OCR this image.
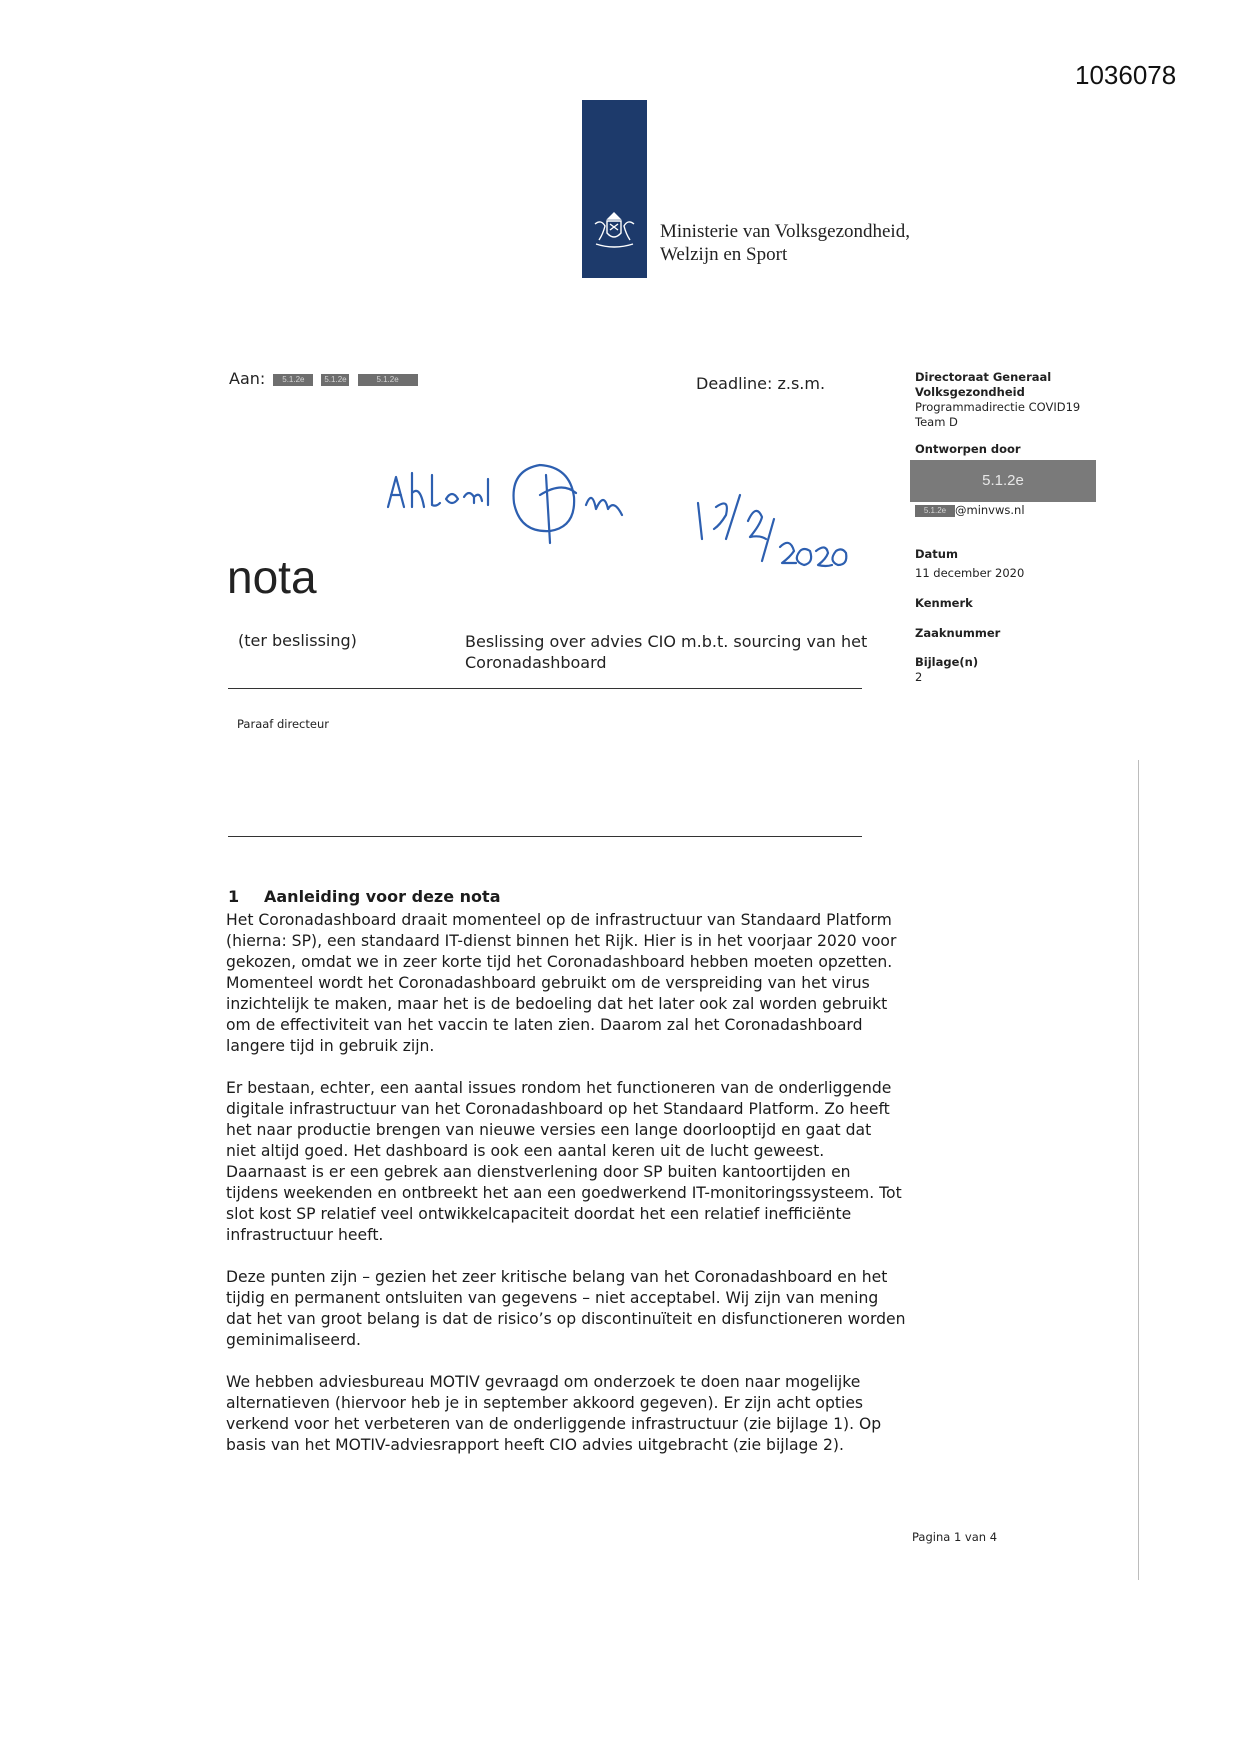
1036078
Ministerie van Volksgezondheid,
Welzijn en Sport
Aan: 5.1.2e 5.1.2e	5.1.2e	Deadline: z.s.m.	Directoraat Generaal
Volksgezondheid
Programmadirectie COVID19
Team D
Ontworpen door
5.1.2e
5.1.2e @minvws.nl
Datum
11 december 2020
Kenmerk
Zaaknummer
Bijlage(n)
2
nota
(ter beslissing)	Beslissing over advies CIO m.b.t. sourcing van het Coronadashboard
Paraaf directeur
1 Aanleiding voor deze nota

Het Coronadashboard draait momenteel op de infrastructuur van Standaard Platform (hierna: SP), een standaard IT-dienst binnen het Rijk. Hier is in het voorjaar 2020 voor gekozen, omdat we in zeer korte tijd het Coronadashboard hebben moeten opzetten. Momenteel wordt het Coronadashboard gebruikt om de verspreiding van het virus inzichtelijk te maken, maar het is de bedoeling dat het later ook zal worden gebruikt om de effectiviteit van het vaccin te laten zien. Daarom zal het Coronadashboard langere tijd in gebruik zijn.

Er bestaan, echter, een aantal issues rondom het functioneren van de onderliggende digitale infrastructuur van het Coronadashboard op het Standaard Platform. Zo heeft het naar productie brengen van nieuwe versies een lange doorlooptijd en gaat dat niet altijd goed. Het dashboard is ook een aantal keren uit de lucht geweest. Daarnaast is er een gebrek aan dienstverlening door SP buiten kantoortijden en tijdens weekenden en ontbreekt het aan een goedwerkend IT-monitoringssysteem. Tot slot kost SP relatief veel ontwikkelcapaciteit doordat het een relatief inefficiënte infrastructuur heeft.

Deze punten zijn – gezien het zeer kritische belang van het Coronadashboard en het tijdig en permanent ontsluiten van gegevens – niet acceptabel. Wij zijn van mening dat het van groot belang is dat de risico’s op discontinuïteit en disfunctioneren worden geminimaliseerd.

We hebben adviesbureau MOTIV gevraagd om onderzoek te doen naar mogelijke alternatieven (hiervoor heb je in september akkoord gegeven). Er zijn acht opties verkend voor het verbeteren van de onderliggende infrastructuur (zie bijlage 1). Op basis van het MOTIV-adviesrapport heeft CIO advies uitgebracht (zie bijlage 2).

Pagina 1 van 4
